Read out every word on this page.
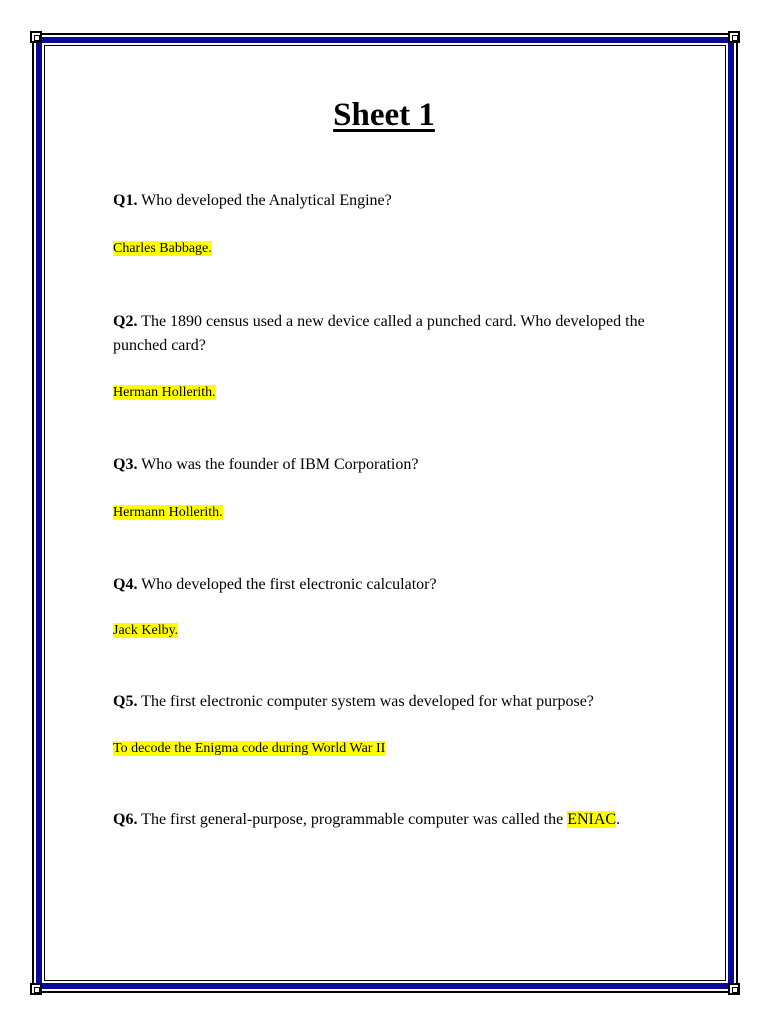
Sheet 1
Q1. Who developed the Analytical Engine?
Charles Babbage.
Q2. The 1890 census used a new device called a punched card. Who developed the punched card?
Herman Hollerith.
Q3. Who was the founder of IBM Corporation?
Hermann Hollerith.
Q4. Who developed the first electronic calculator?
Jack Kelby.
Q5. The first electronic computer system was developed for what purpose?
To decode the Enigma code during World War II
Q6. The first general-purpose, programmable computer was called the ENIAC.
